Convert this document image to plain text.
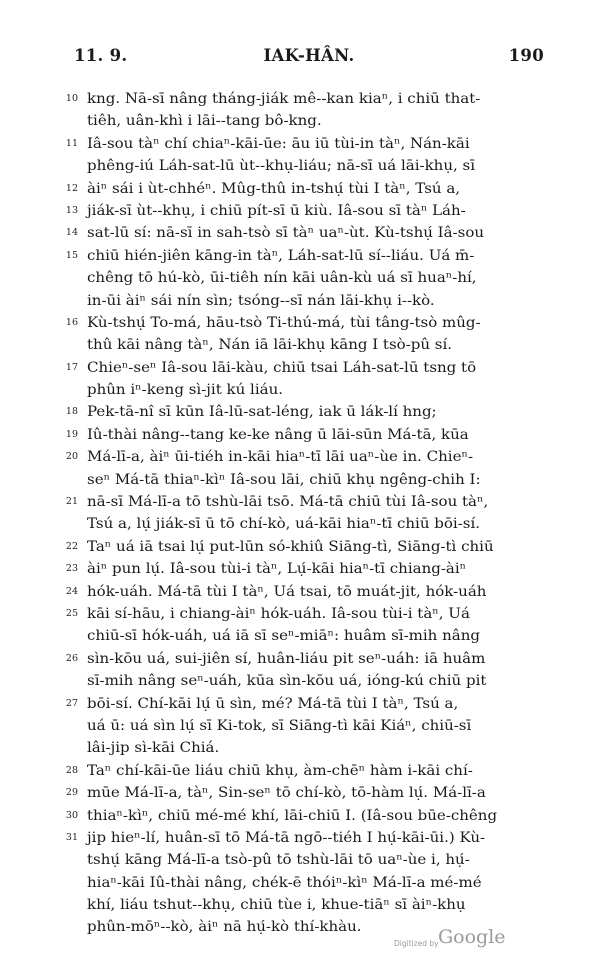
11. 9.	IAK-HÂN.	190
10 kng. Nā-sī nâng tháng-jiák mê--kan kiaⁿ, i chiū that-
tiêh, uân-khì i lāi--tang bô-kng.
11 Iâ-sou tàⁿ chí chiaⁿ-kāi-ūe: āu iū tùi-in tàⁿ, Nán-kāi
phêng-iú Láh-sat-lū ùt--khụ-liáu; nā-sī uá lāi-khụ, sī
12 àiⁿ sái i ùt-chhéⁿ. Mûg-thû in-tshụ́ tùi I tàⁿ, Tsú a,
13 jiák-sī ùt--khụ, i chiū pít-sī ū kiù. Iâ-sou sī tàⁿ Láh-
14 sat-lū sí: nā-sī in sah-tsò sī tàⁿ uaⁿ-ùt. Kù-tshụ́ Iâ-sou
15 chiū hién-jiên kāng-in tàⁿ, Láh-sat-lū sí--liáu. Uá m̄-
chêng tō hú-kò, ūi-tiêh nín kāi uân-kù uá sī huaⁿ-hí,
in-ūi àiⁿ sái nín sìn; tsóng--sī nán lāi-khụ i--kò.
16 Kù-tshụ́ To-má, hāu-tsò Ti-thú-má, tùi tâng-tsò mûg-
thû kāi nâng tàⁿ, Nán iā lāi-khụ kāng I tsò-pû sí.
17 Chieⁿ-seⁿ Iâ-sou lāi-kàu, chiū tsai Láh-sat-lū tsng tō
phûn iⁿ-keng sì-jit kú liáu.
18 Pek-tā-nî sī kūn Iâ-lū-sat-léng, iak ū lák-lí hng;
19 Iû-thài nâng--tang ke-ke nâng ū lāi-sūn Má-tā, kūa
20 Má-lī-a, àiⁿ ūi-tiéh in-kāi hiaⁿ-tī lāi uaⁿ-ùe in. Chieⁿ-
seⁿ Má-tā thiaⁿ-kìⁿ Iâ-sou lāi, chiū khụ ngêng-chih I:
21 nā-sī Má-lī-a tō tshù-lāi tsō. Má-tā chiū tùi Iâ-sou tàⁿ,
Tsú a, lụ́ jiák-sī ū tō chí-kò, uá-kāi hiaⁿ-tī chiū bōi-sí.
22 Taⁿ uá iā tsai lụ́ put-lūn só-khiû Siāng-tì, Siāng-tì chiū
23 àiⁿ pun lụ́. Iâ-sou tùi-i tàⁿ, Lụ́-kāi hiaⁿ-tī chiang-àiⁿ
24 hók-uáh. Má-tā tùi I tàⁿ, Uá tsai, tō muát-jit, hók-uáh
25 kāi sí-hāu, i chiang-àiⁿ hók-uáh. Iâ-sou tùi-i tàⁿ, Uá
chiū-sī hók-uáh, uá iā sī seⁿ-miāⁿ: huâm sī-mih nâng
26 sìn-kōu uá, sui-jiên sí, huân-liáu pit seⁿ-uáh: iā huâm
sī-mih nâng seⁿ-uáh, kūa sìn-kōu uá, ióng-kú chiū pit
27 bōi-sí. Chí-kāi lụ́ ū sìn, mé? Má-tā tùi I tàⁿ, Tsú a,
uá ū: uá sìn lụ́ sī Ki-tok, sī Siāng-tì kāi Kiáⁿ, chiū-sī
lâi-jip sì-kāi Chiá.
28 Taⁿ chí-kāi-ūe liáu chiū khụ, àm-chēⁿ hàm i-kāi chí-
29 mūe Má-lī-a, tàⁿ, Sin-seⁿ tō chí-kò, tō-hàm lụ́. Má-lī-a
30 thiaⁿ-kìⁿ, chiū mé-mé khí, lāi-chiū I. (Iâ-sou būe-chêng
31 jip hieⁿ-lí, huân-sī tō Má-tā ngō--tiéh I hụ́-kāi-ūi.) Kù-
tshụ́ kāng Má-lī-a tsò-pû tō tshù-lāi tō uaⁿ-ùe i, hụ́-
hiaⁿ-kāi Iû-thài nâng, chék-ē thóiⁿ-kìⁿ Má-lī-a mé-mé
khí, liáu tshut--khụ, chiū tùe i, khue-tiāⁿ sī àiⁿ-khụ
phûn-mōⁿ--kò, àiⁿ nā hụ́-kò thí-khàu.
Digitized by Google
